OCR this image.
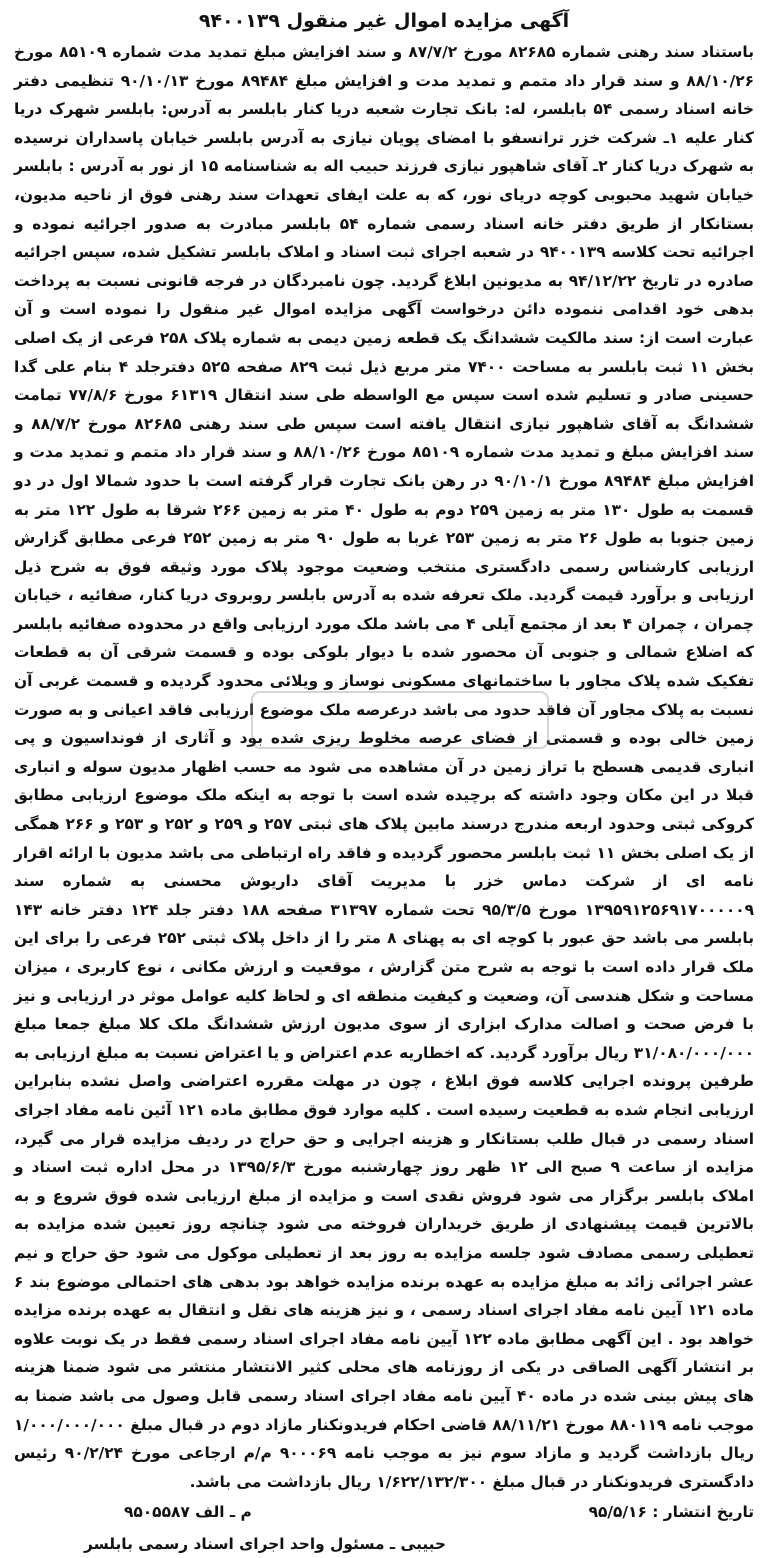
آگهی مزایده اموال غیر منقول ۹۴۰۰۱۳۹

باستناد سند رهنی شماره ۸۲۶۸۵ مورخ ۸۷/۷/۲ و سند افزایش مبلغ تمدید مدت شماره ۸۵۱۰۹ مورخ ۸۸/۱۰/۲۶ و سند قرار داد متمم و تمدید مدت و افزایش مبلغ ۸۹۴۸۴ مورخ ۹۰/۱۰/۱۳ تنظیمی دفتر خانه اسناد رسمی ۵۴ بابلسر، له: بانک تجارت شعبه دریا کنار بابلسر به آدرس: بابلسر شهرک دریا کنار علیه ۱ـ شرکت خزر ترانسفو با امضای پویان نیازی به آدرس بابلسر خیابان پاسداران نرسیده به شهرک دریا کنار ۲ـ آقای شاهپور نیازی فرزند حبیب اله به شناسنامه ۱۵ از نور به آدرس : بابلسر خیابان شهید محبوبی کوچه دریای نور، که به علت ایفای تعهدات سند رهنی فوق از ناحیه مدیون، بستانکار از طریق دفتر خانه اسناد رسمی شماره ۵۴ بابلسر مبادرت به صدور اجرائیه نموده و اجرائیه تحت کلاسه ۹۴۰۰۱۳۹ در شعبه اجرای ثبت اسناد و املاک بابلسر تشکیل شده، سپس اجرائیه صادره در تاریخ ۹۴/۱۲/۲۲ به مدیونین ابلاغ گردید. چون نامبردگان در فرجه قانونی نسبت به پرداخت بدهی خود اقدامی ننموده دائن درخواست آگهی مزایده اموال غیر منقول را نموده است و آن عبارت است از: سند مالکیت ششدانگ یک قطعه زمین دیمی به شماره پلاک ۲۵۸ فرعی از یک اصلی بخش ۱۱ ثبت بابلسر به مساحت ۷۴۰۰ متر مربع ذیل ثبت ۸۲۹ صفحه ۵۲۵ دفترجلد ۴ بنام علی گدا حسینی صادر و تسلیم شده است سپس مع الواسطه طی سند انتقال ۶۱۳۱۹ مورخ ۷۷/۸/۶ تمامت ششدانگ به آقای شاهپور نیازی انتقال یافته است سپس طی سند رهنی ۸۲۶۸۵ مورخ ۸۸/۷/۲ و سند افزایش مبلغ و تمدید مدت شماره ۸۵۱۰۹ مورخ ۸۸/۱۰/۲۶ و سند قرار داد متمم و تمدید مدت و افزایش مبلغ ۸۹۴۸۴ مورخ ۹۰/۱۰/۱ در رهن بانک تجارت قرار گرفته است با حدود شمالا اول در دو قسمت به طول ۱۳۰ متر به زمین ۲۵۹ دوم به طول ۴۰ متر به زمین ۲۶۶ شرقا به طول ۱۲۲ متر به زمین جنوبا به طول ۲۶ متر به زمین ۲۵۳ غربا به طول ۹۰ متر به زمین ۲۵۲ فرعی مطابق گزارش ارزیابی کارشناس رسمی دادگستری منتخب وضعیت موجود پلاک مورد وثیقه فوق به شرح ذیل ارزیابی و برآورد قیمت گردید. ملک تعرفه شده به آدرس بابلسر روبروی دریا کنار، صفائیه ، خیابان چمران ، چمران ۴ بعد از مجتمع آیلی ۴ می باشد ملک مورد ارزیابی واقع در محدوده صفائیه بابلسر که اضلاع شمالی و جنوبی آن محصور شده با دیوار بلوکی بوده و قسمت شرقی آن به قطعات تفکیک شده پلاک مجاور با ساختمانهای مسکونی نوساز و ویلائی محدود گردیده و قسمت غربی آن نسبت به پلاک مجاور آن فاقد حدود می باشد درعرصه ملک موضوع ارزیابی فاقد اعیانی و به صورت زمین خالی بوده و قسمتی از فضای عرصه مخلوط ریزی شده بود و آثاری از فونداسیون و پی انباری قدیمی هسطح با تراز زمین در آن مشاهده می شود مه حسب اظهار مدیون سوله و انباری قبلا در این مکان وجود داشته که برچیده شده است با توجه به اینکه ملک موضوع ارزیابی مطابق کروکی ثبتی وحدود اربعه مندرج درسند مابین پلاک های ثبتی ۲۵۷ و ۲۵۹ و ۲۵۲ و ۲۵۳ و ۲۶۶ همگی از یک اصلی بخش ۱۱ ثبت بابلسر محصور گردیده و فاقد راه ارتباطی می باشد مدیون با ارائه اقرار نامه ای از شرکت دماس خزر با مدیریت آقای داریوش محسنی به شماره سند ۱۳۹۵۹۱۲۵۶۹۱۷۰۰۰۰۰۹ مورخ ۹۵/۳/۵ تحت شماره ۳۱۳۹۷ صفحه ۱۸۸ دفتر جلد ۱۲۴ دفتر خانه ۱۴۳ بابلسر می باشد حق عبور با کوچه ای به پهنای ۸ متر را از داخل پلاک ثبتی ۲۵۲ فرعی را برای این ملک قرار داده است با توجه به شرح متن گزارش ، موقعیت و ارزش مکانی ، نوع کاربری ، میزان مساحت و شکل هندسی آن، وضعیت و کیفیت منطقه ای و لحاظ کلیه عوامل موثر در ارزیابی و نیز با فرض صحت و اصالت مدارک ابزاری از سوی مدیون ارزش ششدانگ ملک کلا مبلغ جمعا مبلغ ۳۱/۰۸۰/۰۰۰/۰۰۰ ریال برآورد گردید. که اخطاریه عدم اعتراض و یا اعتراض نسبت به مبلغ ارزیابی به طرفین پرونده اجرایی کلاسه فوق ابلاغ ، چون در مهلت مقرره اعتراضی واصل نشده بنابراین ارزیابی انجام شده به قطعیت رسیده است . کلیه موارد فوق مطابق ماده ۱۲۱ آئین نامه مفاد اجرای اسناد رسمی در قبال طلب بستانکار و هزینه اجرایی و حق حراج در ردیف مزایده قرار می گیرد، مزایده از ساعت ۹ صبح الی ۱۲ ظهر روز چهارشنبه مورخ ۱۳۹۵/۶/۳ در محل اداره ثبت اسناد و املاک بابلسر برگزار می شود فروش نقدی است و مزایده از مبلغ ارزیابی شده فوق شروع و به بالاترین قیمت پیشنهادی از طریق خریداران فروخته می شود چنانچه روز تعیین شده مزایده به تعطیلی رسمی مصادف شود جلسه مزایده به روز بعد از تعطیلی موکول می شود حق حراج و نیم عشر اجرائی زائد به مبلغ مزایده به عهده برنده مزایده خواهد بود بدهی های احتمالی موضوع بند ۶ ماده ۱۲۱ آیین نامه مفاد اجرای اسناد رسمی ، و نیز هزینه های نقل و انتقال به عهده برنده مزایده خواهد بود . این آگهی مطابق ماده ۱۲۲ آیین نامه مفاد اجرای اسناد رسمی فقط در یک نوبت علاوه بر انتشار آگهی الصاقی در یکی از روزنامه های محلی کثیر الانتشار منتشر می شود ضمنا هزینه های پیش بینی شده در ماده ۴۰ آیین نامه مفاد اجرای اسناد رسمی قابل وصول می باشد ضمنا به موجب نامه ۸۸۰۱۱۹ مورخ ۸۸/۱۱/۲۱ قاضی احکام فریدونکنار مازاد دوم در قبال مبلغ ۱/۰۰۰/۰۰۰/۰۰۰ ریال بازداشت گردید و مازاد سوم نیز به موجب نامه ۹۰۰۰۶۹ م/م ارجاعی مورخ ۹۰/۲/۲۴ رئیس دادگستری فریدونکنار در قبال مبلغ ۱/۶۲۲/۱۳۲/۳۰۰ ریال بازداشت می باشد.

تاریخ انتشار : ۹۵/۵/۱۶
م ـ الف ۹۵۰۵۵۸۷
حبیبی ـ مسئول واحد اجرای اسناد رسمی بابلسر
